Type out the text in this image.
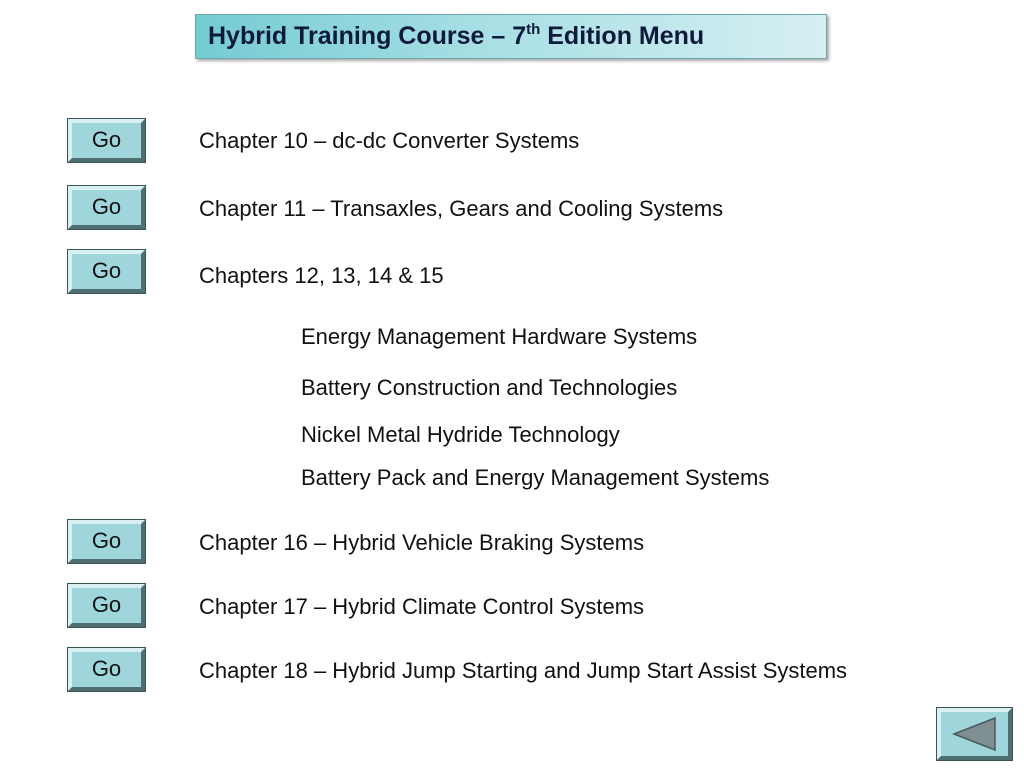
Hybrid Training Course – 7th Edition Menu
Go	Chapter 10 – dc-dc Converter Systems
Go	Chapter 11 – Transaxles, Gears and Cooling Systems
Go	Chapters 12, 13, 14 & 15
Energy Management Hardware Systems
Battery Construction and Technologies
Nickel Metal Hydride Technology
Battery Pack and Energy Management Systems
Go	Chapter 16 – Hybrid Vehicle Braking Systems
Go	Chapter 17 – Hybrid Climate Control Systems
Go	Chapter 18 – Hybrid Jump Starting and Jump Start Assist Systems
